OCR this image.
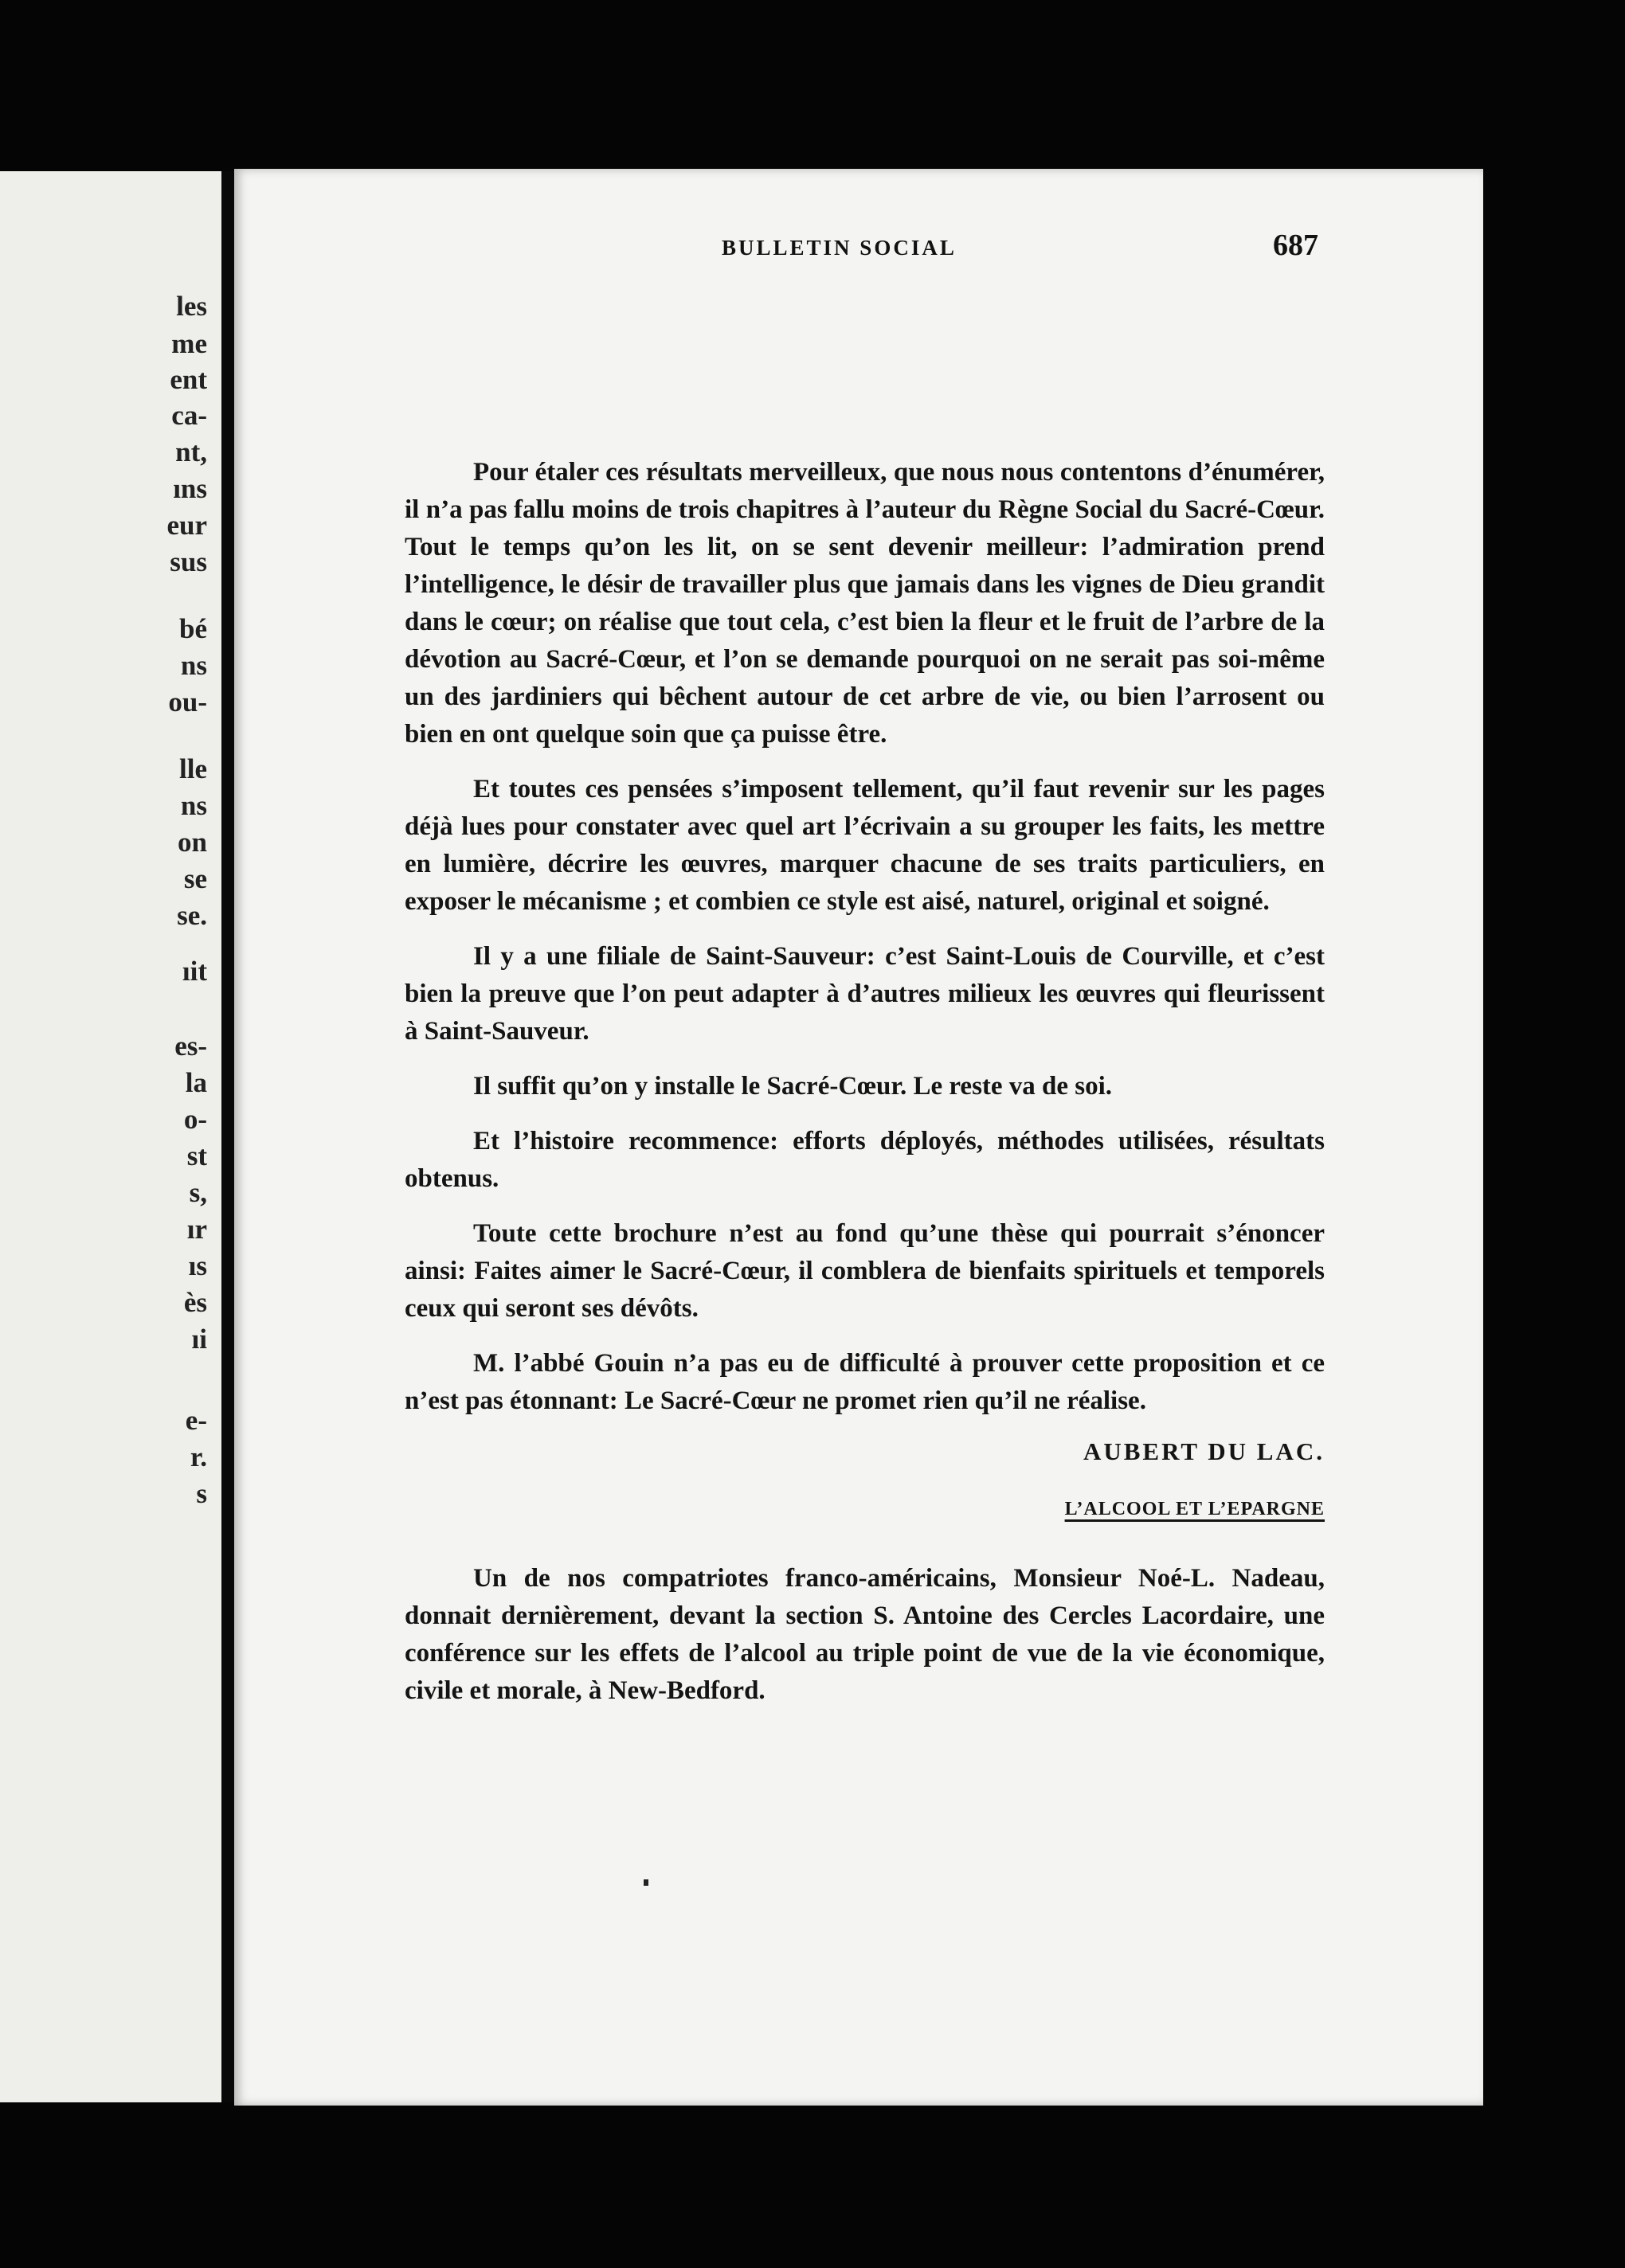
les
me
ent
ca-
nt,
ıns
eur
sus
bé
ns
ou-
lle
ns
on
se
se.
ıit
es-
la
o-
st
s,
ır
ıs
ès
ıi
e-
r.
s
BULLETIN SOCIAL	687

Pour étaler ces résultats merveilleux, que nous nous contentons d’énumérer, il n’a pas fallu moins de trois chapitres à l’auteur du Règne Social du Sacré-Cœur. Tout le temps qu’on les lit, on se sent devenir meilleur: l’admiration prend l’intelligence, le désir de travailler plus que jamais dans les vignes de Dieu grandit dans le cœur; on réalise que tout cela, c’est bien la fleur et le fruit de l’arbre de la dévotion au Sacré-Cœur, et l’on se demande pourquoi on ne serait pas soi-même un des jardiniers qui bêchent autour de cet arbre de vie, ou bien l’arrosent ou bien en ont quelque soin que ça puisse être.

Et toutes ces pensées s’imposent tellement, qu’il faut revenir sur les pages déjà lues pour constater avec quel art l’écrivain a su grouper les faits, les mettre en lumière, décrire les œuvres, marquer chacune de ses traits particuliers, en exposer le mécanisme ; et combien ce style est aisé, naturel, original et soigné.

Il y a une filiale de Saint-Sauveur: c’est Saint-Louis de Courville, et c’est bien la preuve que l’on peut adapter à d’autres milieux les œuvres qui fleurissent à Saint-Sauveur.

Il suffit qu’on y installe le Sacré-Cœur. Le reste va de soi.

Et l’histoire recommence: efforts déployés, méthodes utilisées, résultats obtenus.

Toute cette brochure n’est au fond qu’une thèse qui pourrait s’énoncer ainsi: Faites aimer le Sacré-Cœur, il comblera de bienfaits spirituels et temporels ceux qui seront ses dévôts.

M. l’abbé Gouin n’a pas eu de difficulté à prouver cette proposition et ce n’est pas étonnant: Le Sacré-Cœur ne promet rien qu’il ne réalise.

AUBERT DU LAC.
L’ALCOOL ET L’EPARGNE

Un de nos compatriotes franco-américains, Monsieur Noé-L. Nadeau, donnait dernièrement, devant la section S. Antoine des Cercles Lacordaire, une conférence sur les effets de l’alcool au triple point de vue de la vie économique, civile et morale, à New-Bedford.
